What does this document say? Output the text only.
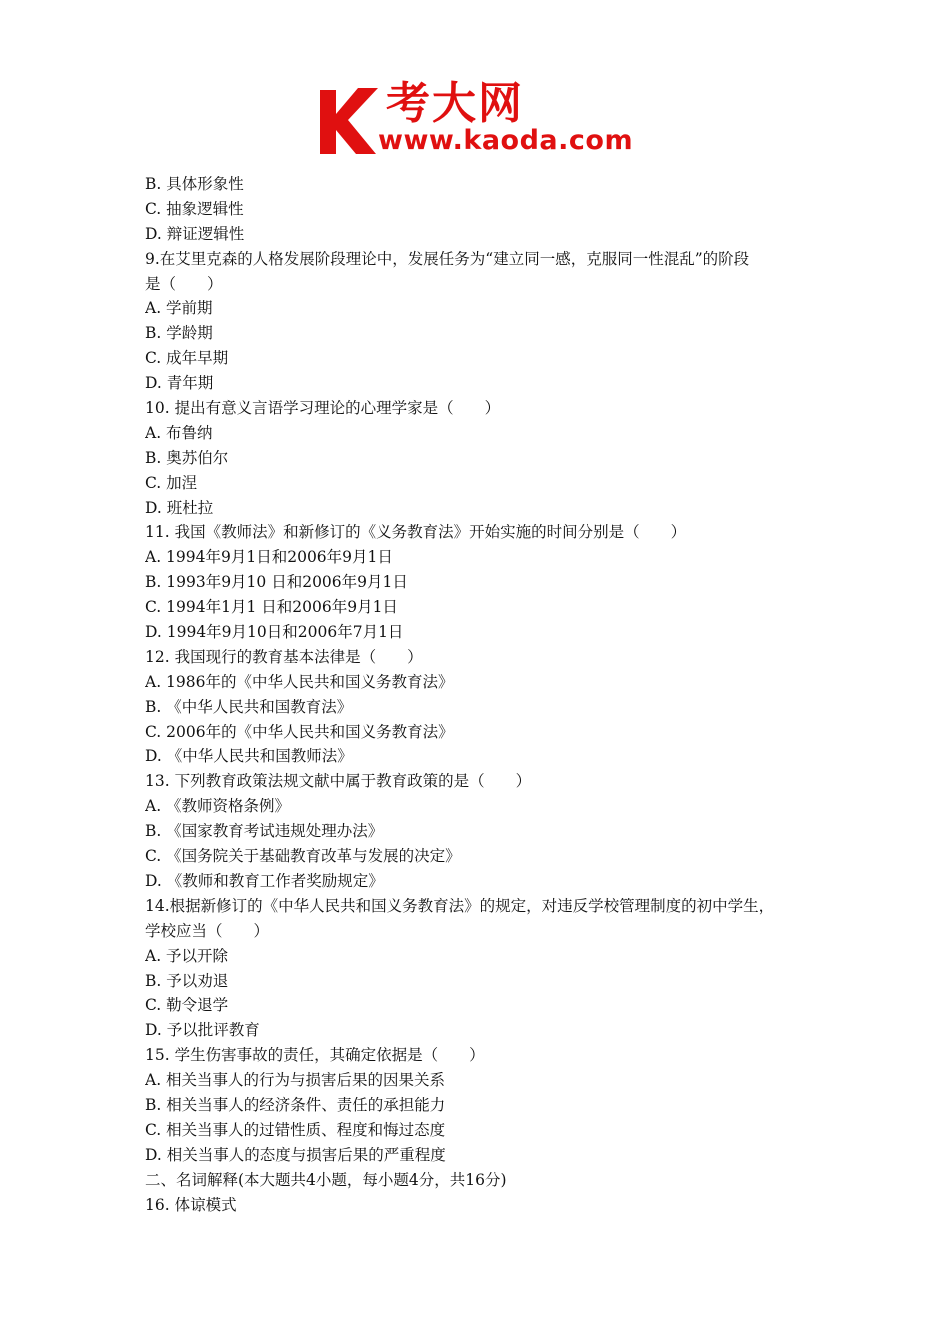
考大网
www.kaoda.com
B. 具体形象性
C. 抽象逻辑性
D. 辩证逻辑性
9.在艾里克森的人格发展阶段理论中，发展任务为“建立同一感，克服同一性混乱”的阶段
是（　　）
A. 学前期
B. 学龄期
C. 成年早期
D. 青年期
10. 提出有意义言语学习理论的心理学家是（　　）
A. 布鲁纳
B. 奥苏伯尔
C. 加涅
D. 班杜拉
11. 我国《教师法》和新修订的《义务教育法》开始实施的时间分别是（　　）
A. 1994年9月1日和2006年9月1日
B. 1993年9月10 日和2006年9月1日
C. 1994年1月1 日和2006年9月1日
D. 1994年9月10日和2006年7月1日
12. 我国现行的教育基本法律是（　　）
A. 1986年的《中华人民共和国义务教育法》
B. 《中华人民共和国教育法》
C. 2006年的《中华人民共和国义务教育法》
D. 《中华人民共和国教师法》
13. 下列教育政策法规文献中属于教育政策的是（　　）
A. 《教师资格条例》
B. 《国家教育考试违规处理办法》
C. 《国务院关于基础教育改革与发展的决定》
D. 《教师和教育工作者奖励规定》
14.根据新修订的《中华人民共和国义务教育法》的规定，对违反学校管理制度的初中学生，
学校应当（　　）
A. 予以开除
B. 予以劝退
C. 勒令退学
D. 予以批评教育
15. 学生伤害事故的责任，其确定依据是（　　）
A. 相关当事人的行为与损害后果的因果关系
B. 相关当事人的经济条件、责任的承担能力
C. 相关当事人的过错性质、程度和悔过态度
D. 相关当事人的态度与损害后果的严重程度
二、名词解释(本大题共4小题，每小题4分，共16分)
16. 体谅模式
